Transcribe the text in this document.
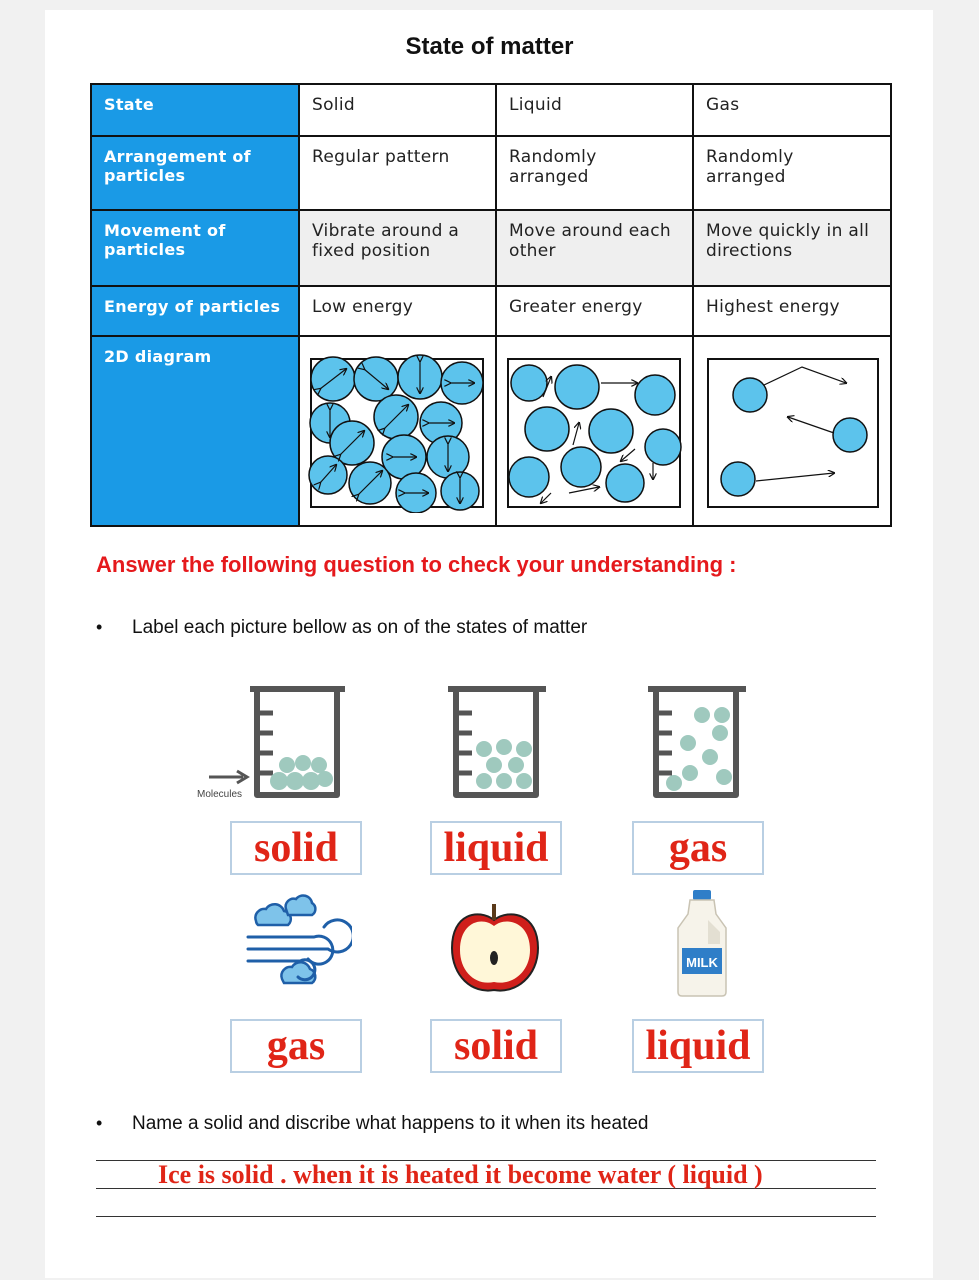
State of matter
State	Solid	Liquid	Gas
Arrangement of particles	Regular pattern	Randomly arranged	Randomly arranged
Movement of particles	Vibrate around a fixed position	Move around each other	Move quickly in all directions
Energy of particles	Low energy	Greater energy	Highest energy
2D diagram	

Answer the following question to check your understanding :
• Label each picture bellow as on of the states of matter
Molecules
solid	liquid	gas
MILK
gas	solid	liquid
• Name a solid and discribe what happens to it when its heated
Ice is solid . when it is heated it become water ( liquid )
